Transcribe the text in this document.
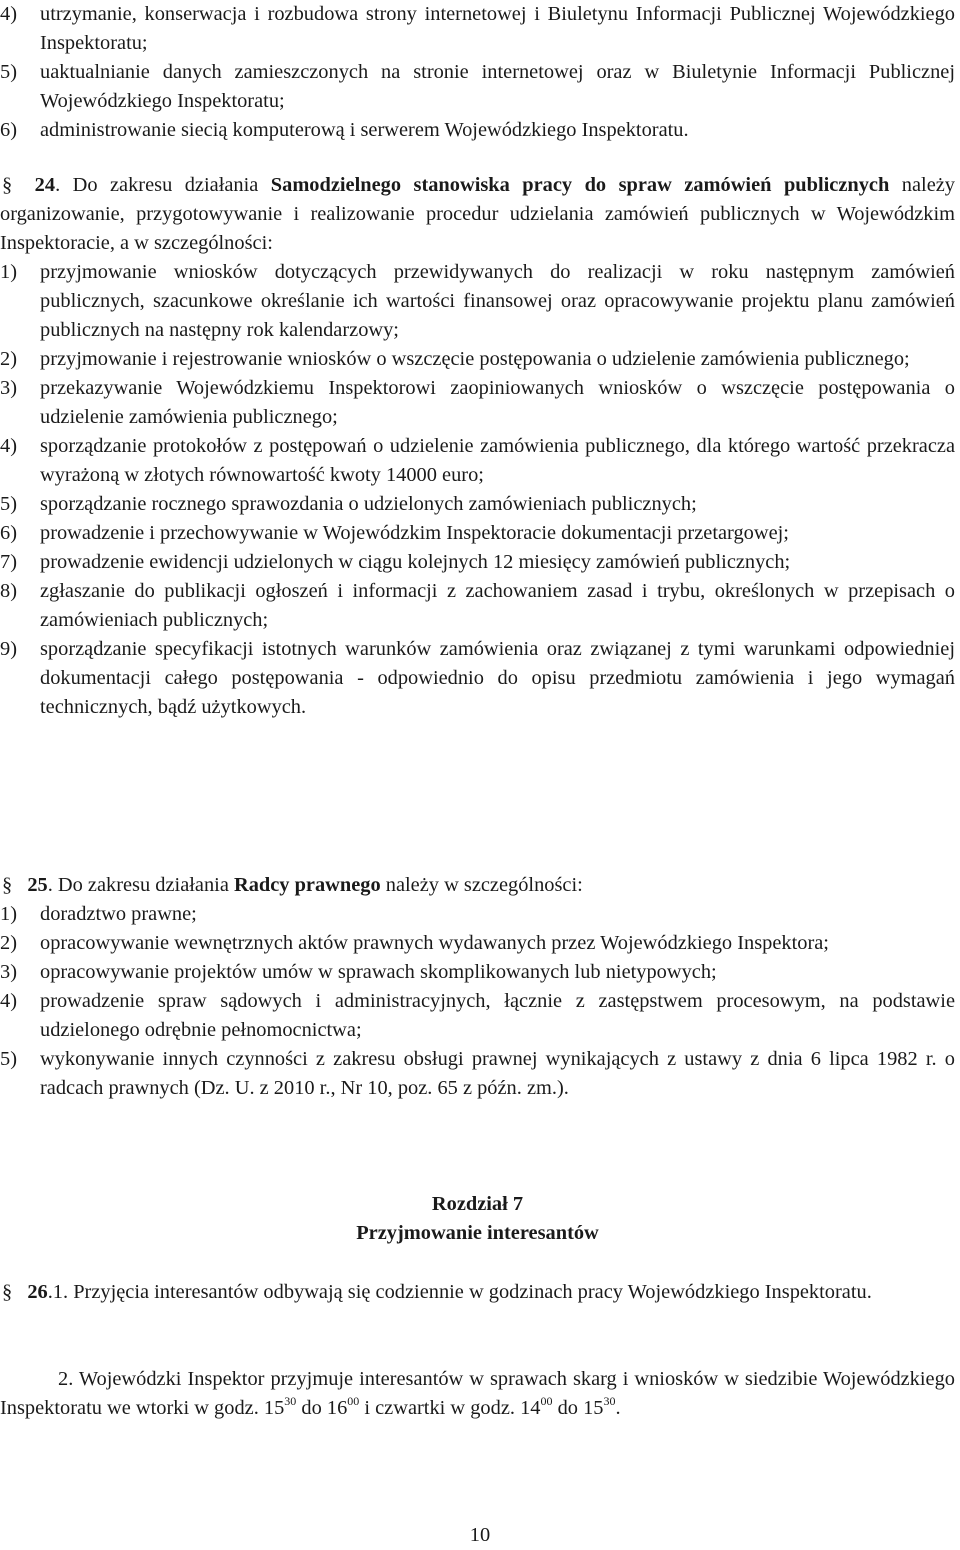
4)	utrzymanie, konserwacja i rozbudowa strony internetowej i Biuletynu Informacji Publicznej Wojewódzkiego Inspektoratu;
5)	uaktualnianie danych zamieszczonych na stronie internetowej oraz w Biuletynie Informacji Publicznej Wojewódzkiego Inspektoratu;
6)	administrowanie siecią komputerową i serwerem Wojewódzkiego Inspektoratu.
§ 24. Do zakresu działania Samodzielnego stanowiska pracy do spraw zamówień publicznych należy organizowanie, przygotowywanie i realizowanie procedur udzielania zamówień publicznych w Wojewódzkim Inspektoracie, a w szczególności:
1)	przyjmowanie wniosków dotyczących przewidywanych do realizacji w roku następnym zamówień publicznych, szacunkowe określanie ich wartości finansowej oraz opracowywanie projektu planu zamówień publicznych na następny rok kalendarzowy;
2)	przyjmowanie i rejestrowanie wniosków o wszczęcie postępowania o udzielenie zamówienia publicznego;
3)	przekazywanie Wojewódzkiemu Inspektorowi zaopiniowanych wniosków o wszczęcie postępowania o udzielenie zamówienia publicznego;
4)	sporządzanie protokołów z postępowań o udzielenie zamówienia publicznego, dla którego wartość przekracza wyrażoną w złotych równowartość kwoty 14000 euro;
5)	sporządzanie rocznego sprawozdania o udzielonych zamówieniach publicznych;
6)	prowadzenie i przechowywanie w Wojewódzkim Inspektoracie dokumentacji przetargowej;
7)	prowadzenie ewidencji udzielonych w ciągu kolejnych 12 miesięcy zamówień publicznych;
8)	zgłaszanie do publikacji ogłoszeń i informacji z zachowaniem zasad i trybu, określonych w przepisach o zamówieniach publicznych;
9)	sporządzanie specyfikacji istotnych warunków zamówienia oraz związanej z tymi warunkami odpowiedniej dokumentacji całego postępowania - odpowiednio do opisu przedmiotu zamówienia i jego wymagań technicznych, bądź użytkowych.
§ 25. Do zakresu działania Radcy prawnego należy w szczególności:
1)	doradztwo prawne;
2)	opracowywanie wewnętrznych aktów prawnych wydawanych przez Wojewódzkiego Inspektora;
3)	opracowywanie projektów umów w sprawach skomplikowanych lub nietypowych;
4)	prowadzenie spraw sądowych i administracyjnych, łącznie z zastępstwem procesowym, na podstawie udzielonego odrębnie pełnomocnictwa;
5)	wykonywanie innych czynności z zakresu obsługi prawnej wynikających z ustawy z dnia 6 lipca 1982 r. o radcach prawnych (Dz. U. z 2010 r., Nr 10, poz. 65 z późn. zm.).
Rozdział 7
Przyjmowanie interesantów
§ 26.1. Przyjęcia interesantów odbywają się codziennie w godzinach pracy Wojewódzkiego Inspektoratu.
2. Wojewódzki Inspektor przyjmuje interesantów w sprawach skarg i wniosków w siedzibie Wojewódzkiego Inspektoratu we wtorki w godz. $15^{30}$ do $16^{00}$ i czwartki w godz. $14^{00}$ do $15^{30}$.
10
